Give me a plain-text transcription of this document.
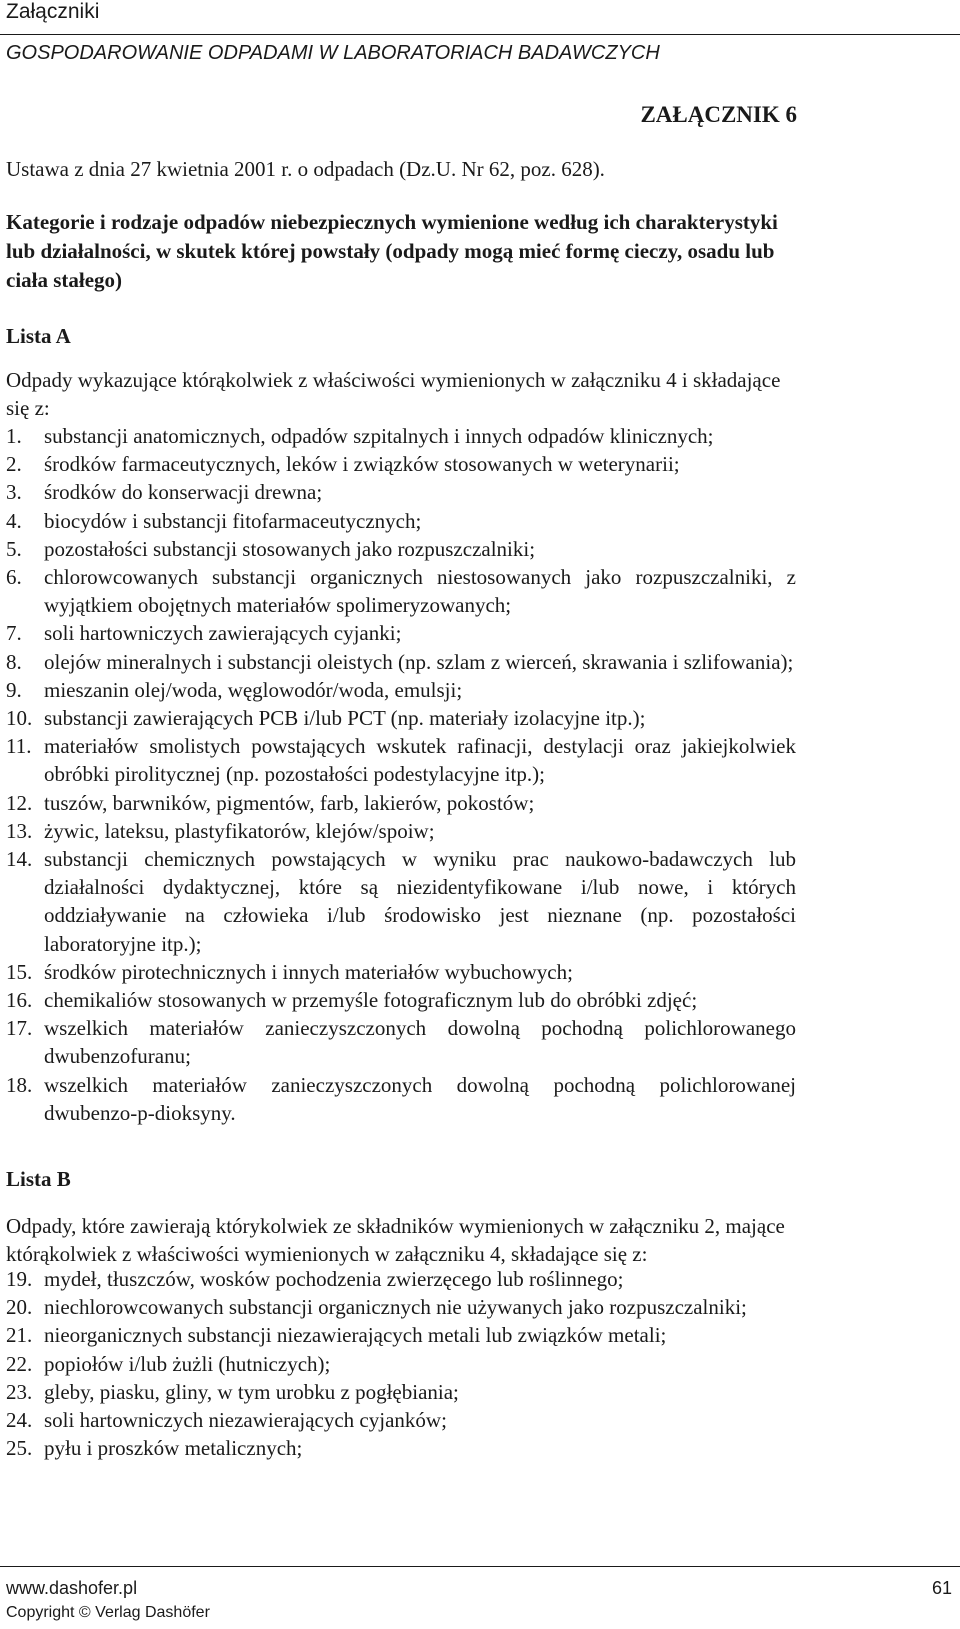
Załączniki
GOSPODAROWANIE ODPADAMI W LABORATORIACH BADAWCZYCH
ZAŁĄCZNIK 6
Ustawa z dnia 27 kwietnia 2001 r. o odpadach (Dz.U. Nr 62, poz. 628).
Kategorie i rodzaje odpadów niebezpiecznych wymienione według ich charakterystyki lub działalności, w skutek której powstały (odpady mogą mieć formę cieczy, osadu lub ciała stałego)
Lista A
Odpady wykazujące którąkolwiek z właściwości wymienionych w załączniku 4 i składające się z:
1.	substancji anatomicznych, odpadów szpitalnych i innych odpadów klinicznych;
2.	środków farmaceutycznych, leków i związków stosowanych w weterynarii;
3.	środków do konserwacji drewna;
4.	biocydów i substancji fitofarmaceutycznych;
5.	pozostałości substancji stosowanych jako rozpuszczalniki;
6.	chlorowcowanych substancji organicznych niestosowanych jako rozpuszczalniki, z wyjątkiem obojętnych materiałów spolimeryzowanych;
7.	soli hartowniczych zawierających cyjanki;
8.	olejów mineralnych i substancji oleistych (np. szlam z wierceń, skrawania i szlifowania);
9.	mieszanin olej/woda, węglowodór/woda, emulsji;
10. substancji zawierających PCB i/lub PCT (np. materiały izolacyjne itp.);
11. materiałów smolistych powstających wskutek rafinacji, destylacji oraz jakiejkolwiek obróbki pirolitycznej (np. pozostałości podestylacyjne itp.);
12. tuszów, barwników, pigmentów, farb, lakierów, pokostów;
13. żywic, lateksu, plastyfikatorów, klejów/spoiw;
14. substancji chemicznych powstających w wyniku prac naukowo-badawczych lub działalności dydaktycznej, które są niezidentyfikowane i/lub nowe, i których oddziaływanie na człowieka i/lub środowisko jest nieznane (np. pozostałości laboratoryjne itp.);
15. środków pirotechnicznych i innych materiałów wybuchowych;
16. chemikaliów stosowanych w przemyśle fotograficznym lub do obróbki zdjęć;
17. wszelkich materiałów zanieczyszczonych dowolną pochodną polichlorowanego dwubenzofuranu;
18. wszelkich materiałów zanieczyszczonych dowolną pochodną polichlorowanej dwubenzo-p-dioksyny.
Lista B
Odpady, które zawierają którykolwiek ze składników wymienionych w załączniku 2, mające którąkolwiek z właściwości wymienionych w załączniku 4, składające się z:
19. mydeł, tłuszczów, wosków pochodzenia zwierzęcego lub roślinnego;
20. niechlorowcowanych substancji organicznych nie używanych jako rozpuszczalniki;
21. nieorganicznych substancji niezawierających metali lub związków metali;
22. popiołów i/lub żużli (hutniczych);
23. gleby, piasku, gliny, w tym urobku z pogłębiania;
24. soli hartowniczych niezawierających cyjanków;
25. pyłu i proszków metalicznych;
www.dashofer.pl
Copyright © Verlag Dashöfer
61
